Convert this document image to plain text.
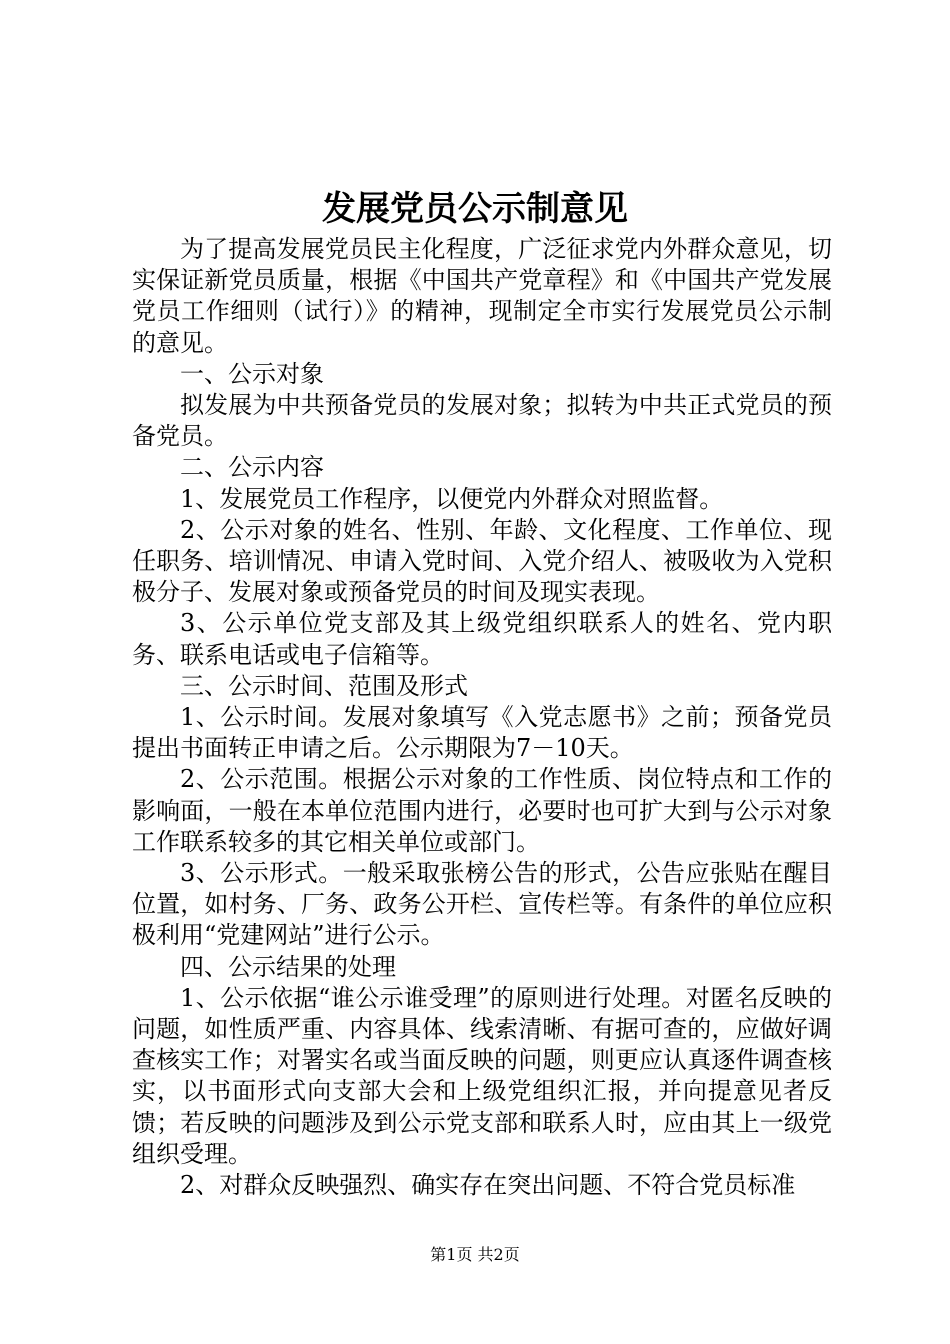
发展党员公示制意见

为了提高发展党员民主化程度，广泛征求党内外群众意见，切实保证新党员质量，根据《中国共产党章程》和《中国共产党发展党员工作细则（试行）》的精神，现制定全市实行发展党员公示制的意见。

一、公示对象

拟发展为中共预备党员的发展对象；拟转为中共正式党员的预备党员。

二、公示内容

1、发展党员工作程序，以便党内外群众对照监督。

2、公示对象的姓名、性别、年龄、文化程度、工作单位、现任职务、培训情况、申请入党时间、入党介绍人、被吸收为入党积极分子、发展对象或预备党员的时间及现实表现。

3、公示单位党支部及其上级党组织联系人的姓名、党内职务、联系电话或电子信箱等。

三、公示时间、范围及形式

1、公示时间。发展对象填写《入党志愿书》之前；预备党员提出书面转正申请之后。公示期限为7－10天。

2、公示范围。根据公示对象的工作性质、岗位特点和工作的影响面，一般在本单位范围内进行，必要时也可扩大到与公示对象工作联系较多的其它相关单位或部门。

3、公示形式。一般采取张榜公告的形式，公告应张贴在醒目位置，如村务、厂务、政务公开栏、宣传栏等。有条件的单位应积极利用“党建网站”进行公示。

四、公示结果的处理

1、公示依据“谁公示谁受理”的原则进行处理。对匿名反映的问题，如性质严重、内容具体、线索清晰、有据可查的，应做好调查核实工作；对署实名或当面反映的问题，则更应认真逐件调查核实，以书面形式向支部大会和上级党组织汇报，并向提意见者反馈；若反映的问题涉及到公示党支部和联系人时，应由其上一级党组织受理。

2、对群众反映强烈、确实存在突出问题、不符合党员标准

第1页 共2页
